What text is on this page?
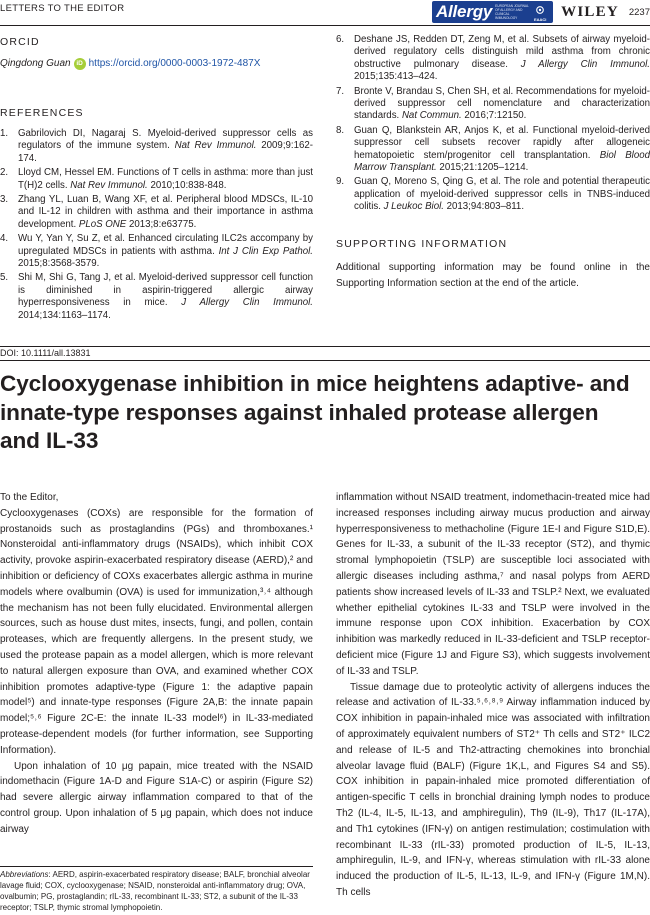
LETTERS TO THE EDITOR	Allergy EUROPEAN JOURNAL OF ALLERGY AND CLINICAL IMMUNOLOGY	EAACI WILEY 2237
ORCID
Qingdong Guan iD https://orcid.org/0000-0003-1972-487X
REFERENCES
1. Gabrilovich DI, Nagaraj S. Myeloid-derived suppressor cells as regulators of the immune system. Nat Rev Immunol. 2009;9:162-174.
2. Lloyd CM, Hessel EM. Functions of T cells in asthma: more than just T(H)2 cells. Nat Rev Immunol. 2010;10:838-848.
3. Zhang YL, Luan B, Wang XF, et al. Peripheral blood MDSCs, IL-10 and IL-12 in children with asthma and their importance in asthma development. PLoS ONE 2013;8:e63775.
4. Wu Y, Yan Y, Su Z, et al. Enhanced circulating ILC2s accompany by upregulated MDSCs in patients with asthma. Int J Clin Exp Pathol. 2015;8:3568-3579.
5. Shi M, Shi G, Tang J, et al. Myeloid-derived suppressor cell function is diminished in aspirin-triggered allergic airway hyperresponsiveness in mice. J Allergy Clin Immunol. 2014;134:1163–1174.
6. Deshane JS, Redden DT, Zeng M, et al. Subsets of airway myeloid-derived regulatory cells distinguish mild asthma from chronic obstructive pulmonary disease. J Allergy Clin Immunol. 2015;135:413–424.
7. Bronte V, Brandau S, Chen SH, et al. Recommendations for myeloid-derived suppressor cell nomenclature and characterization standards. Nat Commun. 2016;7:12150.
8. Guan Q, Blankstein AR, Anjos K, et al. Functional myeloid-derived suppressor cell subsets recover rapidly after allogeneic hematopoietic stem/progenitor cell transplantation. Biol Blood Marrow Transplant. 2015;21:1205–1214.
9. Guan Q, Moreno S, Qing G, et al. The role and potential therapeutic application of myeloid-derived suppressor cells in TNBS-induced colitis. J Leukoc Biol. 2013;94:803–811.
SUPPORTING INFORMATION
Additional supporting information may be found online in the Supporting Information section at the end of the article.
DOI: 10.1111/all.13831
Cyclooxygenase inhibition in mice heightens adaptive- and innate-type responses against inhaled protease allergen and IL-33

To the Editor,

Cyclooxygenases (COXs) are responsible for the formation of prostanoids such as prostaglandins (PGs) and thromboxanes.¹ Nonsteroidal anti-inflammatory drugs (NSAIDs), which inhibit COX activity, provoke aspirin-exacerbated respiratory disease (AERD),² and inhibition or deficiency of COXs exacerbates allergic asthma in murine models where ovalbumin (OVA) is used for immunization,³˒⁴ although the mechanism has not been fully elucidated. Environmental allergen sources, such as house dust mites, insects, fungi, and pollen, contain proteases, which are frequently allergens. In the present study, we used the protease papain as a model allergen, which is more relevant to natural allergen exposure than OVA, and examined whether COX inhibition promotes adaptive-type (Figure 1: the adaptive papain model⁵) and innate-type responses (Figure 2A,B: the innate papain model;⁵˒⁶ Figure 2C-E: the innate IL-33 model⁶) in IL-33-mediated protease-dependent models (for further information, see Supporting Information).

Upon inhalation of 10 μg papain, mice treated with the NSAID indomethacin (Figure 1A-D and Figure S1A-C) or aspirin (Figure S2) had severe allergic airway inflammation compared to that of the control group. Upon inhalation of 5 μg papain, which does not induce airway

inflammation without NSAID treatment, indomethacin-treated mice had increased responses including airway mucus production and airway hyperresponsiveness to methacholine (Figure 1E-I and Figure S1D,E). Genes for IL-33, a subunit of the IL-33 receptor (ST2), and thymic stromal lymphopoietin (TSLP) are susceptible loci associated with allergic diseases including asthma,⁷ and nasal polyps from AERD patients show increased levels of IL-33 and TSLP.² Next, we evaluated whether epithelial cytokines IL-33 and TSLP were involved in the immune response upon COX inhibition. Exacerbation by COX inhibition was markedly reduced in IL-33-deficient and TSLP receptor-deficient mice (Figure 1J and Figure S3), which suggests involvement of IL-33 and TSLP.

Tissue damage due to proteolytic activity of allergens induces the release and activation of IL-33.⁵˒⁶˒⁸˒⁹ Airway inflammation induced by COX inhibition in papain-inhaled mice was associated with infiltration of approximately equivalent numbers of ST2⁺ Th cells and ST2⁺ ILC2 and release of IL-5 and Th2-attracting chemokines into bronchial alveolar lavage fluid (BALF) (Figure 1K,L, and Figures S4 and S5). COX inhibition in papain-inhaled mice promoted differentiation of antigen-specific T cells in bronchial draining lymph nodes to produce Th2 (IL-4, IL-5, IL-13, and amphiregulin), Th9 (IL-9), Th17 (IL-17A), and Th1 cytokines (IFN-γ) on antigen restimulation; costimulation with recombinant IL-33 (rIL-33) promoted production of IL-5, IL-13, amphiregulin, IL-9, and IFN-γ, whereas stimulation with rIL-33 alone induced the production of IL-5, IL-13, IL-9, and IFN-γ (Figure 1M,N). Th cells

Abbreviations: AERD, aspirin-exacerbated respiratory disease; BALF, bronchial alveolar lavage fluid; COX, cyclooxygenase; NSAID, nonsteroidal anti-inflammatory drug; OVA, ovalbumin; PG, prostaglandin; rIL-33, recombinant IL-33; ST2, a subunit of the IL-33 receptor; TSLP, thymic stromal lymphopoietin.
